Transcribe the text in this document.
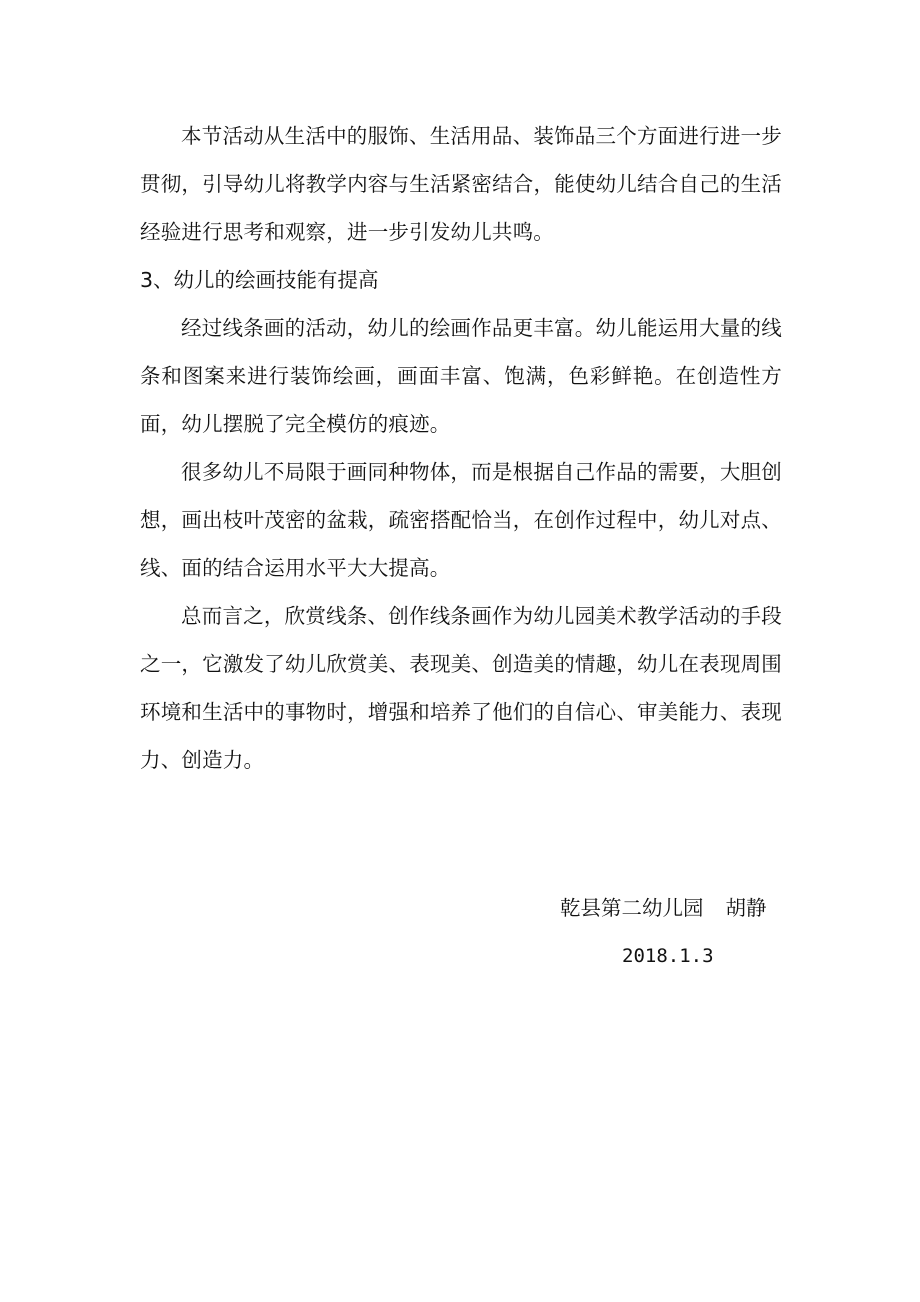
本节活动从生活中的服饰、生活用品、装饰品三个方面进行进一步贯彻，引导幼儿将教学内容与生活紧密结合，能使幼儿结合自己的生活经验进行思考和观察，进一步引发幼儿共鸣。

3、幼儿的绘画技能有提高

经过线条画的活动，幼儿的绘画作品更丰富。幼儿能运用大量的线条和图案来进行装饰绘画，画面丰富、饱满，色彩鲜艳。在创造性方面，幼儿摆脱了完全模仿的痕迹。

很多幼儿不局限于画同种物体，而是根据自己作品的需要，大胆创想，画出枝叶茂密的盆栽，疏密搭配恰当，在创作过程中，幼儿对点、线、面的结合运用水平大大提高。

总而言之，欣赏线条、创作线条画作为幼儿园美术教学活动的手段之一，它激发了幼儿欣赏美、表现美、创造美的情趣，幼儿在表现周围环境和生活中的事物时，增强和培养了他们的自信心、审美能力、表现力、创造力。

乾县第二幼儿园 胡静
2018.1.3
